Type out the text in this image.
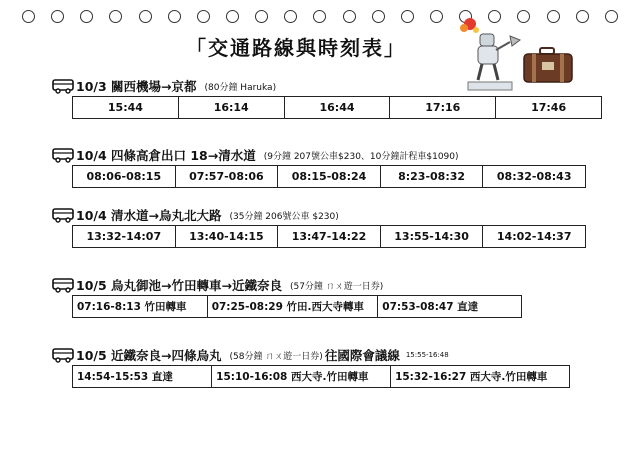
「交通路線與時刻表」
10/3 關西機場→京都 (80分鐘 Haruka)
15:44	16:14	16:44	17:16	17:46
10/4 四條高倉出口 18→清水道 (9分鐘 207號公車$230、10分鐘計程車$1090)
08:06-08:15	07:57-08:06	08:15-08:24	8:23-08:32	08:32-08:43
10/4 清水道→烏丸北大路 (35分鐘 206號公車 $230)
13:32-14:07	13:40-14:15	13:47-14:22	13:55-14:30	14:02-14:37
10/5 烏丸御池→竹田轉車→近鐵奈良 (57分鐘 ㄇㄨ遊一日券)
07:16-8:13 竹田轉車	07:25-08:29 竹田.西大寺轉車	07:53-08:47 直達
10/5 近鐵奈良→四條烏丸 (58分鐘 ㄇㄨ遊一日券) 往國際會議線 15:55-16:48
14:54-15:53 直達	15:10-16:08 西大寺.竹田轉車	15:32-16:27 西大寺.竹田轉車
